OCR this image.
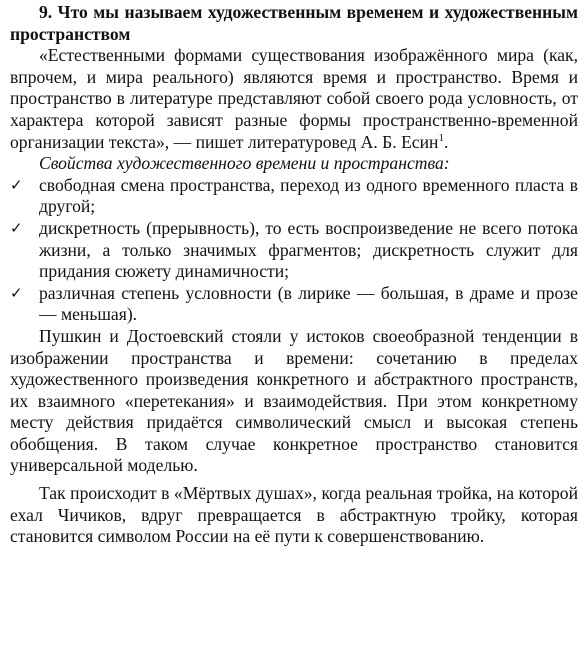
9. Что мы называем художественным временем и художественным пространством

«Естественными формами существования изображённого мира (как, впрочем, и мира реального) являются время и пространство. Время и пространство в литературе представляют собой своего рода условность, от характера которой зависят разные формы пространственно-временной организации текста», — пишет литературовед А. Б. Есин$^1$.

Свойства художественного времени и пространства:

✓ свободная смена пространства, переход из одного временного пласта в другой;
✓ дискретность (прерывность), то есть воспроизведение не всего потока жизни, а только значимых фрагментов; дискретность служит для придания сюжету динамичности;
✓ различная степень условности (в лирике — большая, в драме и прозе — меньшая).

Пушкин и Достоевский стояли у истоков своеобразной тенденции в изображении пространства и времени: сочетанию в пределах художественного произведения конкретного и абстрактного пространств, их взаимного «перетекания» и взаимодействия. При этом конкретному месту действия придаётся символический смысл и высокая степень обобщения. В таком случае конкретное пространство становится универсальной моделью.

Так происходит в «Мёртвых душах», когда реальная тройка, на которой ехал Чичиков, вдруг превращается в абстрактную тройку, которая становится символом России на её пути к совершенствованию.
